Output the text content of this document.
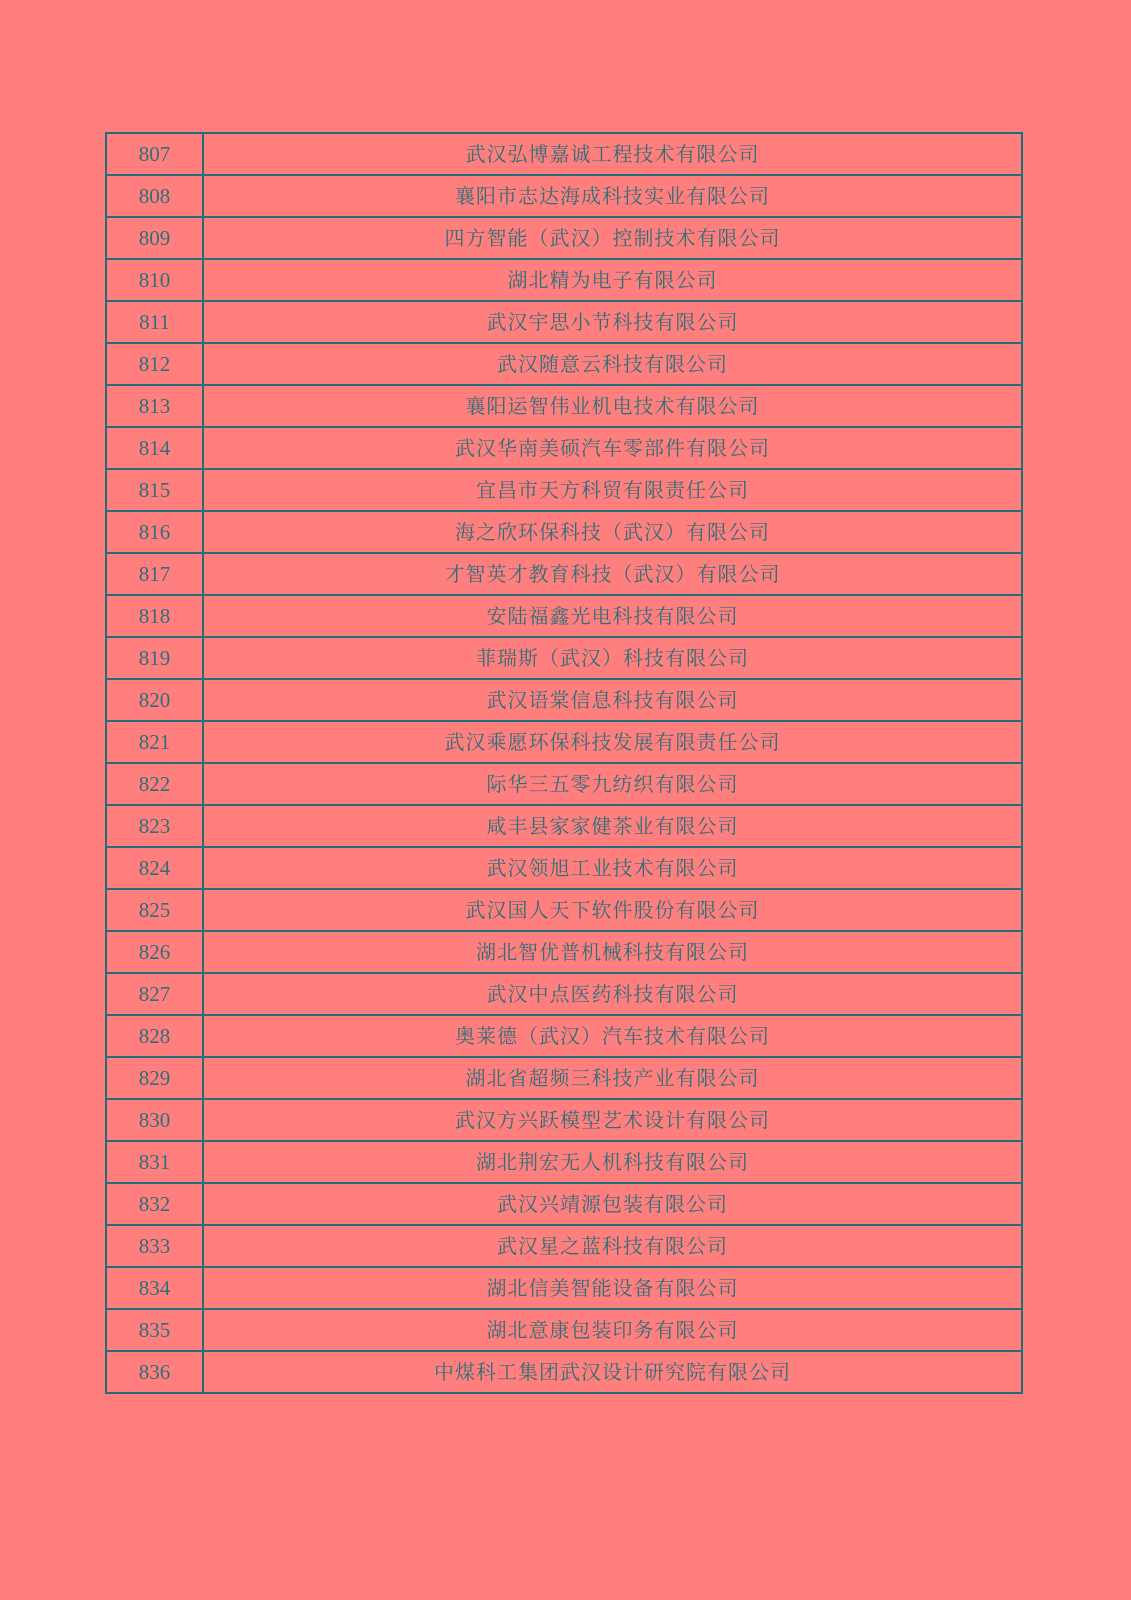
807	武汉弘博嘉诚工程技术有限公司
808	襄阳市志达海成科技实业有限公司
809	四方智能（武汉）控制技术有限公司
810	湖北精为电子有限公司
811	武汉宇思小节科技有限公司
812	武汉随意云科技有限公司
813	襄阳运智伟业机电技术有限公司
814	武汉华南美硕汽车零部件有限公司
815	宜昌市天方科贸有限责任公司
816	海之欣环保科技（武汉）有限公司
817	才智英才教育科技（武汉）有限公司
818	安陆福鑫光电科技有限公司
819	菲瑞斯（武汉）科技有限公司
820	武汉语棠信息科技有限公司
821	武汉乘愿环保科技发展有限责任公司
822	际华三五零九纺织有限公司
823	咸丰县家家健茶业有限公司
824	武汉领旭工业技术有限公司
825	武汉国人天下软件股份有限公司
826	湖北智优普机械科技有限公司
827	武汉中点医药科技有限公司
828	奥莱德（武汉）汽车技术有限公司
829	湖北省超频三科技产业有限公司
830	武汉方兴跃模型艺术设计有限公司
831	湖北荆宏无人机科技有限公司
832	武汉兴靖源包装有限公司
833	武汉星之蓝科技有限公司
834	湖北信美智能设备有限公司
835	湖北意康包装印务有限公司
836	中煤科工集团武汉设计研究院有限公司
